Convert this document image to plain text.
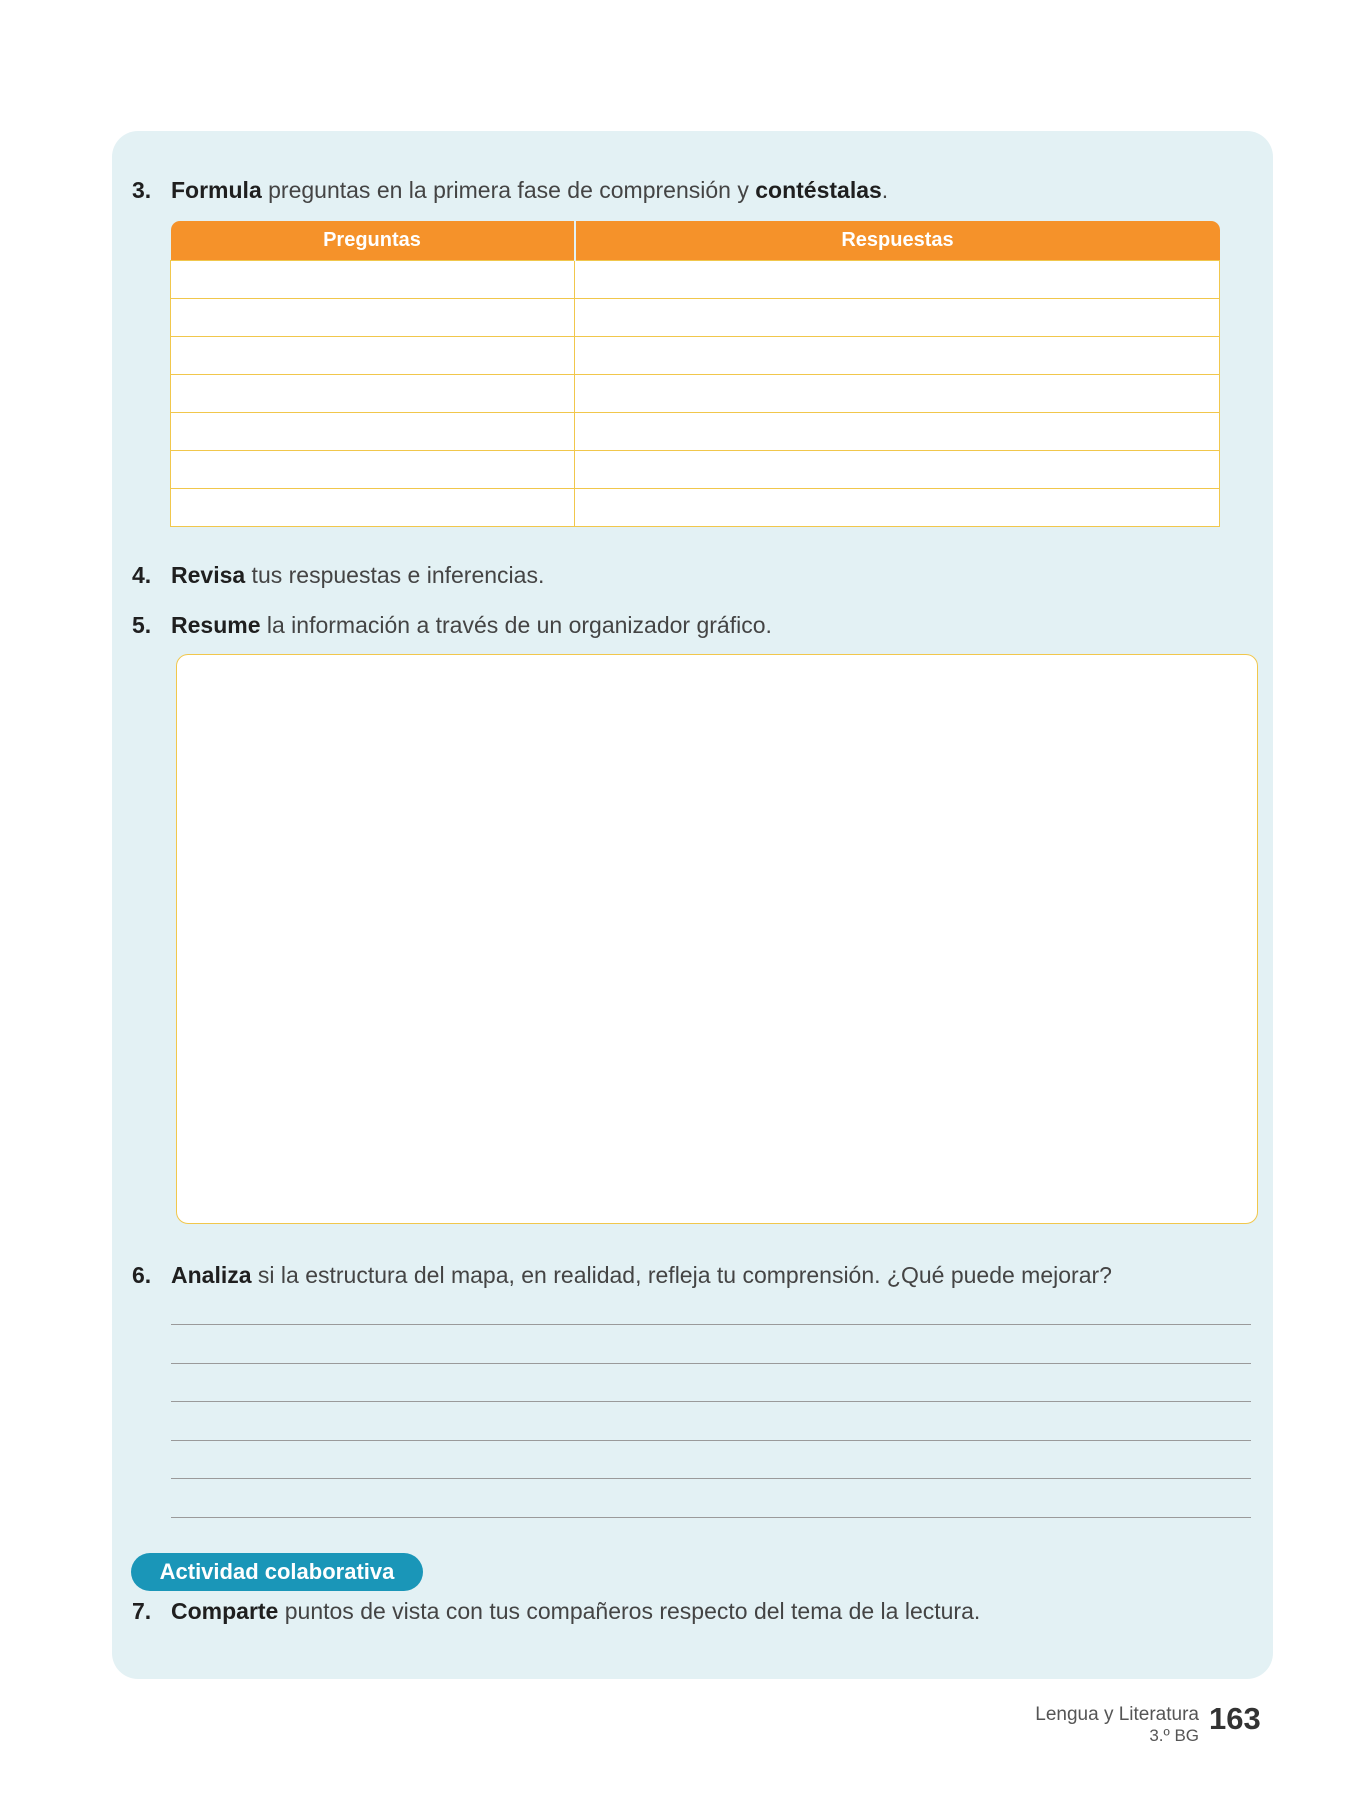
3. Formula preguntas en la primera fase de comprensión y contéstalas.
Preguntas	Respuestas

4. Revisa tus respuestas e inferencias.
5. Resume la información a través de un organizador gráfico.
6. Analiza si la estructura del mapa, en realidad, refleja tu comprensión. ¿Qué puede mejorar?
Actividad colaborativa
7. Comparte puntos de vista con tus compañeros respecto del tema de la lectura.
Lengua y Literatura
3.º BG 163
